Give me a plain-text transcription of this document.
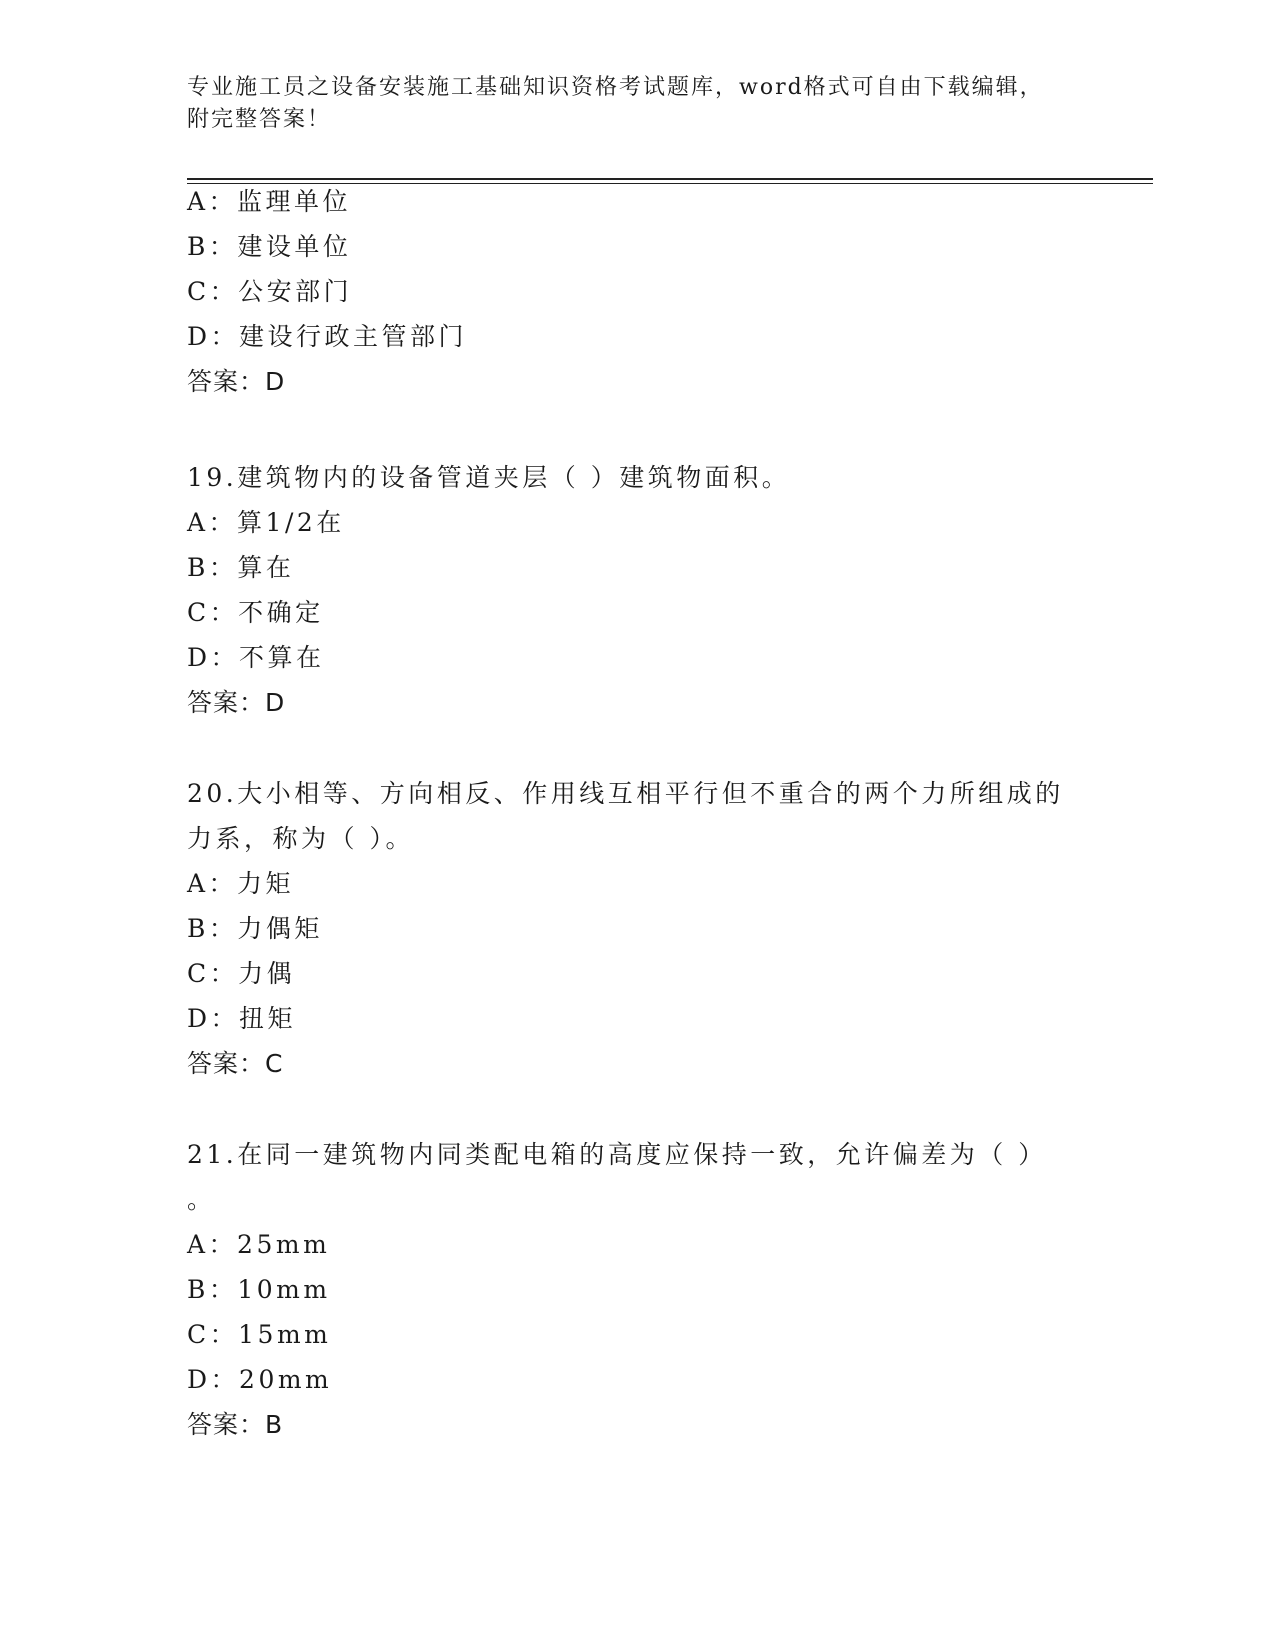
专业施工员之设备安装施工基础知识资格考试题库，word格式可自由下载编辑，
附完整答案！
A：监理单位
B：建设单位
C：公安部门
D：建设行政主管部门
答案：D
19.建筑物内的设备管道夹层（ ）建筑物面积。
A：算1/2在
B：算在
C：不确定
D：不算在
答案：D
20.大小相等、方向相反、作用线互相平行但不重合的两个力所组成的
力系，称为（ ）。
A：力矩
B：力偶矩
C：力偶
D：扭矩
答案：C
21.在同一建筑物内同类配电箱的高度应保持一致，允许偏差为（ ）
。
A：25mm
B：10mm
C：15mm
D：20mm
答案：B
